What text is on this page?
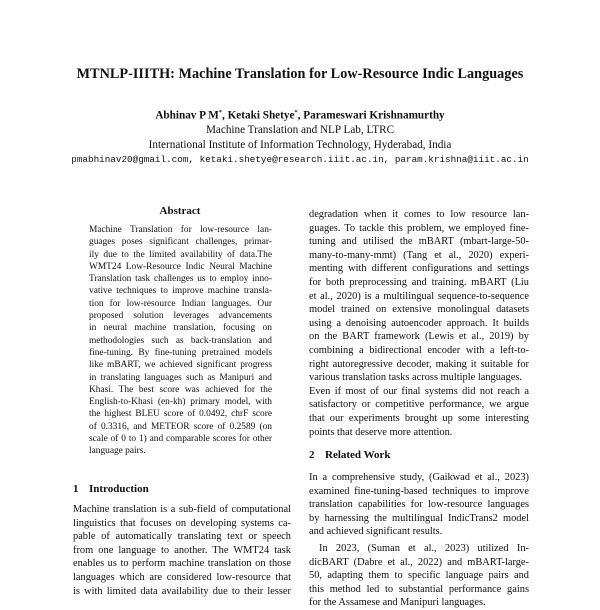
MTNLP-IIITH: Machine Translation for Low-Resource Indic Languages
Abhinav P M*, Ketaki Shetye*, Parameswari Krishnamurthy
Machine Translation and NLP Lab, LTRC
International Institute of Information Technology, Hyderabad, India
pmabhinav20@gmail.com, ketaki.shetye@research.iiit.ac.in, param.krishna@iiit.ac.in
Abstract
Machine Translation for low-resource lan-
guages poses significant challenges, primar-
ily due to the limited availability of data.The
WMT24 Low-Resource Indic Neural Machine
Translation task challenges us to employ inno-
vative techniques to improve machine transla-
tion for low-resource Indian languages. Our
proposed solution leverages advancements
in neural machine translation, focusing on
methodologies such as back-translation and
fine-tuning. By fine-tuning pretrained models
like mBART, we achieved significant progress
in translating languages such as Manipuri and
Khasi. The best score was achieved for the
English-to-Khasi (en-kh) primary model, with
the highest BLEU score of 0.0492, chrF score
of 0.3316, and METEOR score of 0.2589 (on
scale of 0 to 1) and comparable scores for other
language pairs.
1 Introduction
Machine translation is a sub-field of computational
linguistics that focuses on developing systems ca-
pable of automatically translating text or speech
from one language to another. The WMT24 task
enables us to perform machine translation on those
languages which are considered low-resource that
is with limited data availability due to their lesser
degradation when it comes to low resource lan-
guages. To tackle this problem, we employed fine-
tuning and utilised the mBART (mbart-large-50-
many-to-many-mmt) (Tang et al., 2020) experi-
menting with different configurations and settings
for both preprocessing and training. mBART (Liu
et al., 2020) is a multilingual sequence-to-sequence
model trained on extensive monolingual datasets
using a denoising autoencoder approach. It builds
on the BART framework (Lewis et al., 2019) by
combining a bidirectional encoder with a left-to-
right autoregressive decoder, making it suitable for
various translation tasks across multiple languages.
Even if most of our final systems did not reach a
satisfactory or competitive performance, we argue
that our experiments brought up some interesting
points that deserve more attention.
2 Related Work
In a comprehensive study, (Gaikwad et al., 2023)
examined fine-tuning-based techniques to improve
translation capabilities for low-resource languages
by harnessing the multilingual IndicTrans2 model
and achieved significant results.
In 2023, (Suman et al., 2023) utilized In-
dicBART (Dabre et al., 2022) and mBART-large-
50, adapting them to specific language pairs and
this method led to substantial performance gains
for the Assamese and Manipuri languages.
